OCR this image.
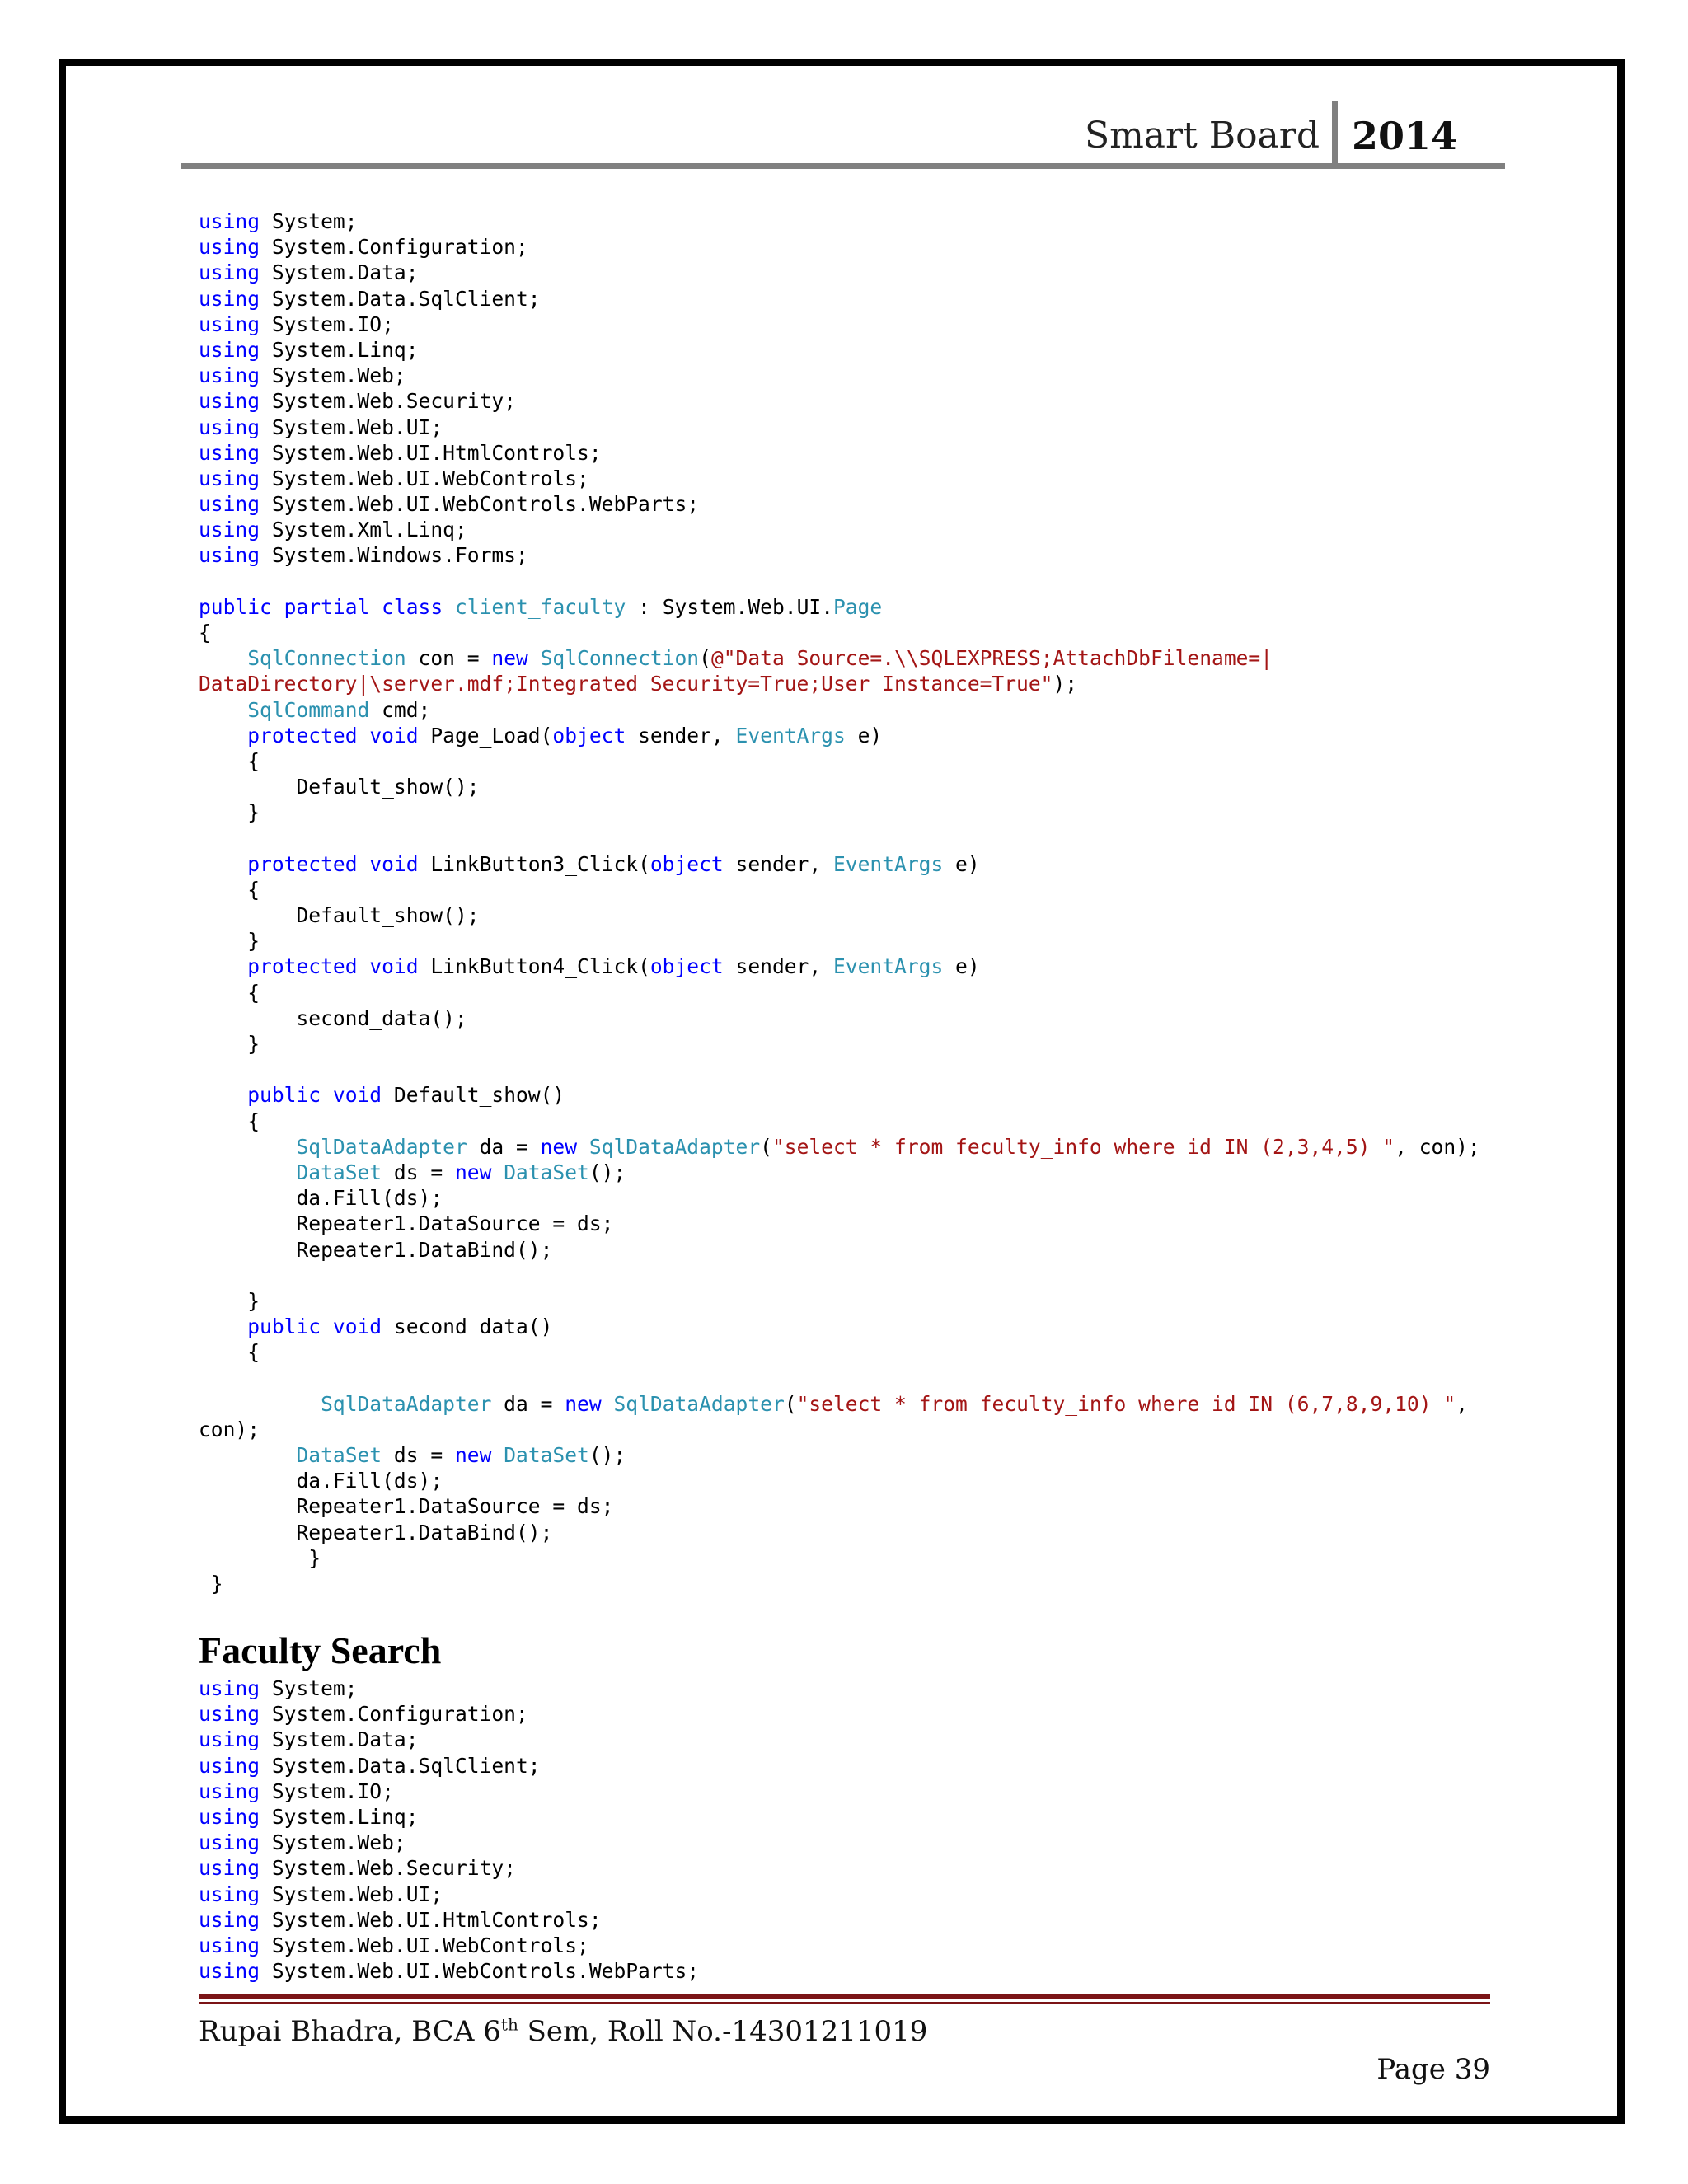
Smart Board 2014
using System;
using System.Configuration;
using System.Data;
using System.Data.SqlClient;
using System.IO;
using System.Linq;
using System.Web;
using System.Web.Security;
using System.Web.UI;
using System.Web.UI.HtmlControls;
using System.Web.UI.WebControls;
using System.Web.UI.WebControls.WebParts;
using System.Xml.Linq;
using System.Windows.Forms;
public partial class client_faculty : System.Web.UI.Page
{
SqlConnection con = new SqlConnection(@"Data Source=.\\SQLEXPRESS;AttachDbFilename=|
DataDirectory|\server.mdf;Integrated Security=True;User Instance=True");
SqlCommand cmd;
protected void Page_Load(object sender, EventArgs e)
{
Default_show();
}
protected void LinkButton3_Click(object sender, EventArgs e)
{
Default_show();
}
protected void LinkButton4_Click(object sender, EventArgs e)
{
second_data();
}
public void Default_show()
{
SqlDataAdapter da = new SqlDataAdapter("select * from feculty_info where id IN (2,3,4,5) ", con);
DataSet ds = new DataSet();
da.Fill(ds);
Repeater1.DataSource = ds;
Repeater1.DataBind();
}
public void second_data()
{
SqlDataAdapter da = new SqlDataAdapter("select * from feculty_info where id IN (6,7,8,9,10) ",
con);
DataSet ds = new DataSet();
da.Fill(ds);
Repeater1.DataSource = ds;
Repeater1.DataBind();
}
}
Faculty Search
using System;
using System.Configuration;
using System.Data;
using System.Data.SqlClient;
using System.IO;
using System.Linq;
using System.Web;
using System.Web.Security;
using System.Web.UI;
using System.Web.UI.HtmlControls;
using System.Web.UI.WebControls;
using System.Web.UI.WebControls.WebParts;
Rupai Bhadra, BCA 6th Sem, Roll No.-14301211019
Page 39
